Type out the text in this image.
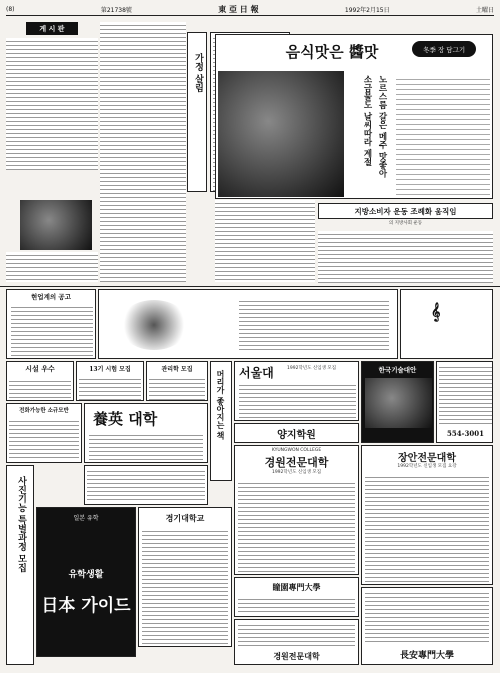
(8)	第21738號	東 亞 日 報	1992年2月15日	土曜日
게 시 판
가정 살림
음식맛은 醬맛	冬季 장 담그기
소금물도 날씨따라 계절 노르스름 갈은 메주 맛좋아
지방소비자 운동 조례화 움직임
의 지방사회 운동
현업계의 공고
𝄞
시설 우수	13기 시험 모집	관리학 모집
머리가 좋아지는 책 서울대	1992학년도 신입생 모집
양지학원
한국기술대안
554-3001
전화가능한 소규모반	養英 대학
KYUNGWON COLLEGE
경원전문대학
1992학년도 신입생 모집
장안전문대학
1992학년도 신입생 모집 요강
사진기능 특별과정 모집	일본 유학
유학생활
日本 가이드
경기대학교
瞳園專門大學
경원전문대학	長安專門大學
